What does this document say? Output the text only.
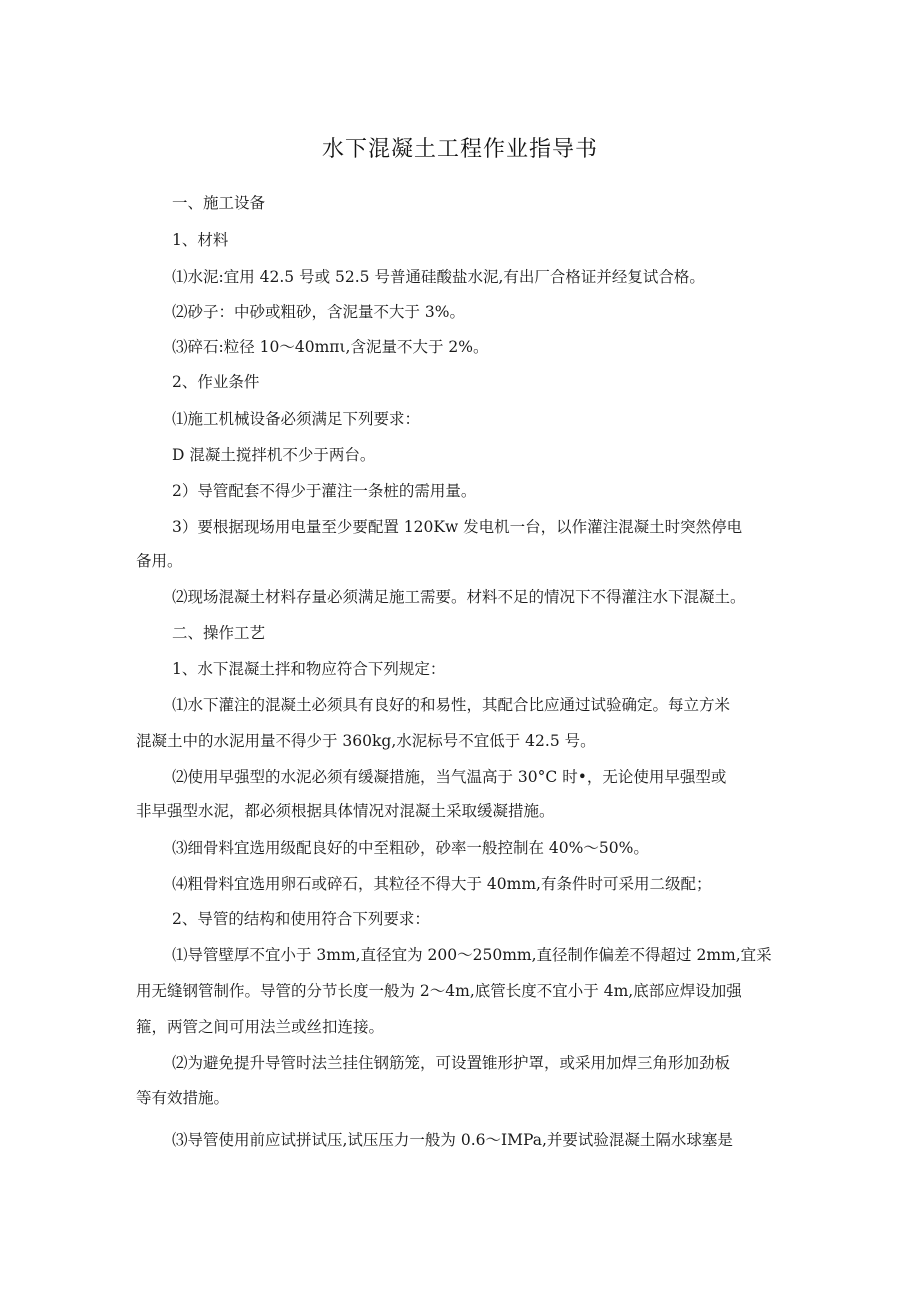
水下混凝土工程作业指导书
一、施工设备
1、材料
⑴水泥:宜用 42.5 号或 52.5 号普通硅酸盐水泥,有出厂合格证并经复试合格。
⑵砂子：中砂或粗砂，含泥量不大于 3%。
⑶碎石:粒径 10～40mπι,含泥量不大于 2%。
2、作业条件
⑴施工机械设备必须满足下列要求：
D 混凝土搅拌机不少于两台。
2）导管配套不得少于灌注一条桩的需用量。
3）要根据现场用电量至少要配置 120Kw 发电机一台，以作灌注混凝土时突然停电
备用。
⑵现场混凝土材料存量必须满足施工需要。材料不足的情况下不得灌注水下混凝土。
二、操作工艺
1、水下混凝土拌和物应符合下列规定：
⑴水下灌注的混凝土必须具有良好的和易性，其配合比应通过试验确定。每立方米
混凝土中的水泥用量不得少于 360kg,水泥标号不宜低于 42.5 号。
⑵使用早强型的水泥必须有缓凝措施，当气温高于 30°C 时•，无论使用早强型或
非早强型水泥，都必须根据具体情况对混凝土采取缓凝措施。
⑶细骨料宜选用级配良好的中至粗砂，砂率一般控制在 40%～50%。
⑷粗骨料宜选用卵石或碎石，其粒径不得大于 40mm,有条件时可采用二级配；
2、导管的结构和使用符合下列要求：
⑴导管壁厚不宜小于 3mm,直径宜为 200～250mm,直径制作偏差不得超过 2mm,宜采
用无缝钢管制作。导管的分节长度一般为 2～4m,底管长度不宜小于 4m,底部应焊设加强
箍，两管之间可用法兰或丝扣连接。
⑵为避免提升导管时法兰挂住钢筋笼，可设置锥形护罩，或采用加焊三角形加劲板
等有效措施。
⑶导管使用前应试拼试压,试压压力一般为 0.6～IMPa,并要试验混凝土隔水球塞是
